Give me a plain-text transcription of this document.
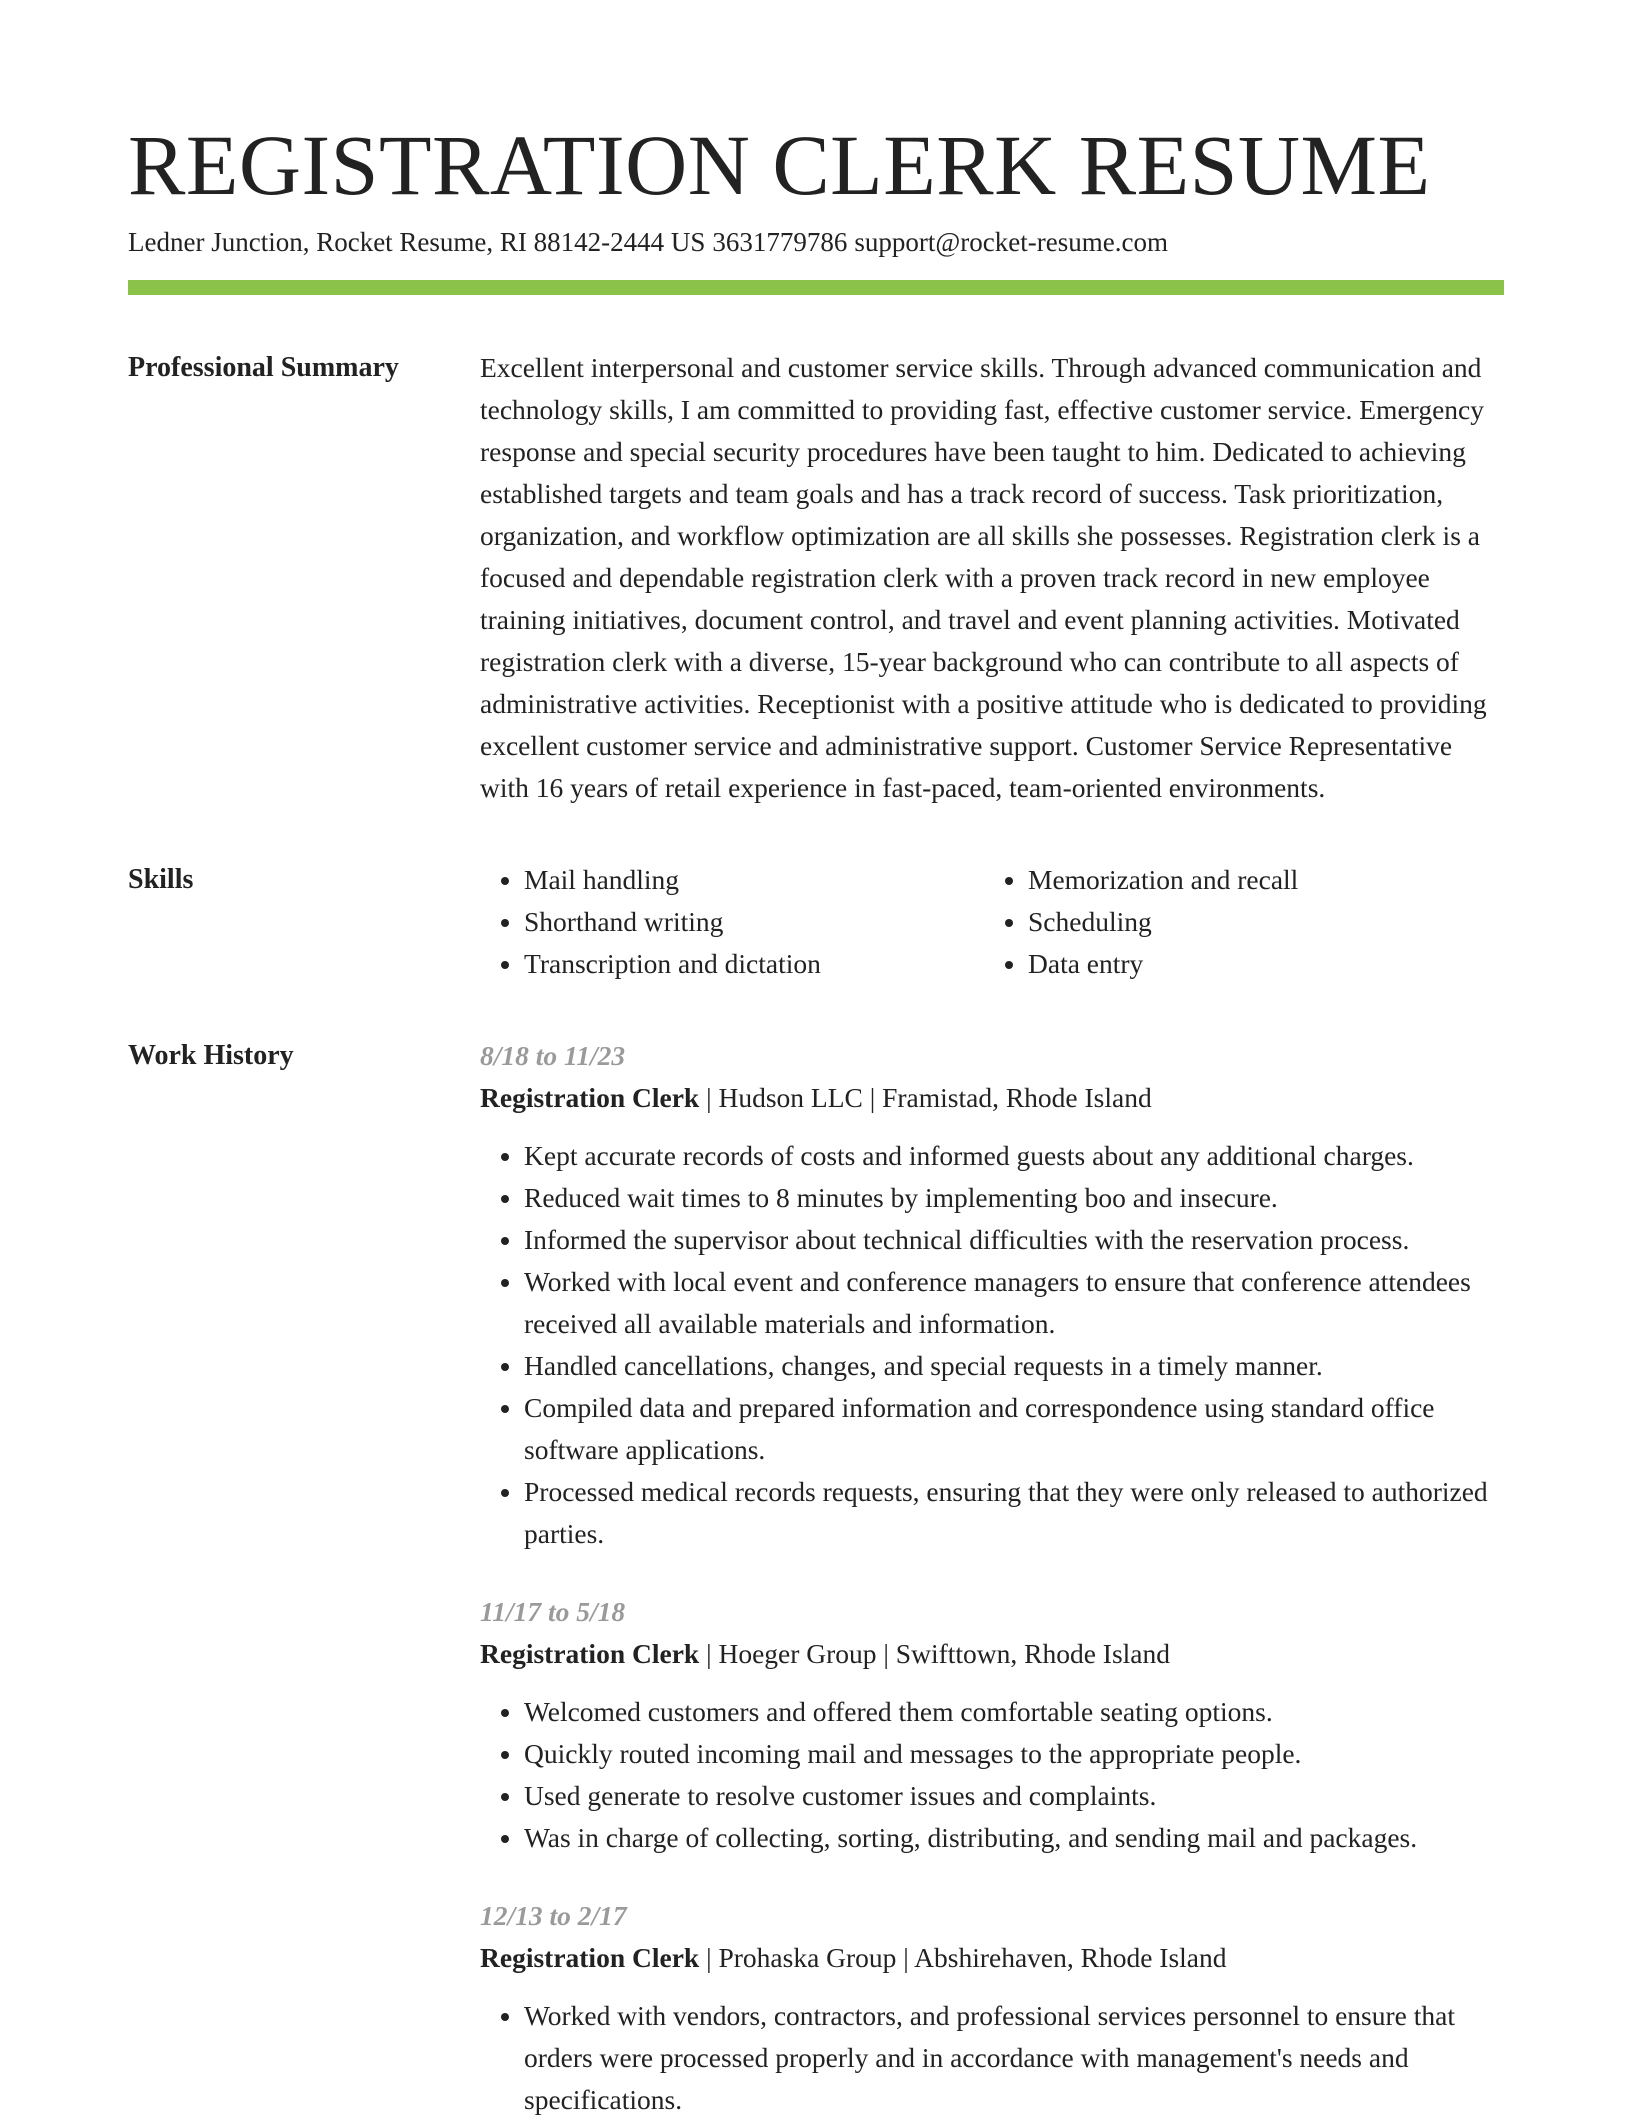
REGISTRATION CLERK RESUME
Ledner Junction, Rocket Resume, RI 88142-2444 US 3631779786 support@rocket-resume.com
Professional Summary	Excellent interpersonal and customer service skills. Through advanced communication and technology skills, I am committed to providing fast, effective customer service. Emergency response and special security procedures have been taught to him. Dedicated to achieving established targets and team goals and has a track record of success. Task prioritization, organization, and workflow optimization are all skills she possesses. Registration clerk is a focused and dependable registration clerk with a proven track record in new employee training initiatives, document control, and travel and event planning activities. Motivated registration clerk with a diverse, 15-year background who can contribute to all aspects of administrative activities. Receptionist with a positive attitude who is dedicated to providing excellent customer service and administrative support. Customer Service Representative with 16 years of retail experience in fast-paced, team-oriented environments.

Skills
•	Mail handling
• Shorthand writing
• Transcription and dictation
• Memorization and recall
• Scheduling
• Data entry
Work History	8/18 to 11/23
Registration Clerk | Hudson LLC | Framistad, Rhode Island
• Kept accurate records of costs and informed guests about any additional charges.
• Reduced wait times to 8 minutes by implementing boo and insecure.
• Informed the supervisor about technical difficulties with the reservation process.
• Worked with local event and conference managers to ensure that conference attendees received all available materials and information.
• Handled cancellations, changes, and special requests in a timely manner.
• Compiled data and prepared information and correspondence using standard office software applications.
• Processed medical records requests, ensuring that they were only released to authorized parties.
11/17 to 5/18
Registration Clerk | Hoeger Group | Swifttown, Rhode Island
• Welcomed customers and offered them comfortable seating options.
• Quickly routed incoming mail and messages to the appropriate people.
• Used generate to resolve customer issues and complaints.
• Was in charge of collecting, sorting, distributing, and sending mail and packages.
12/13 to 2/17
Registration Clerk | Prohaska Group | Abshirehaven, Rhode Island
• Worked with vendors, contractors, and professional services personnel to ensure that orders were processed properly and in accordance with management's needs and specifications.
